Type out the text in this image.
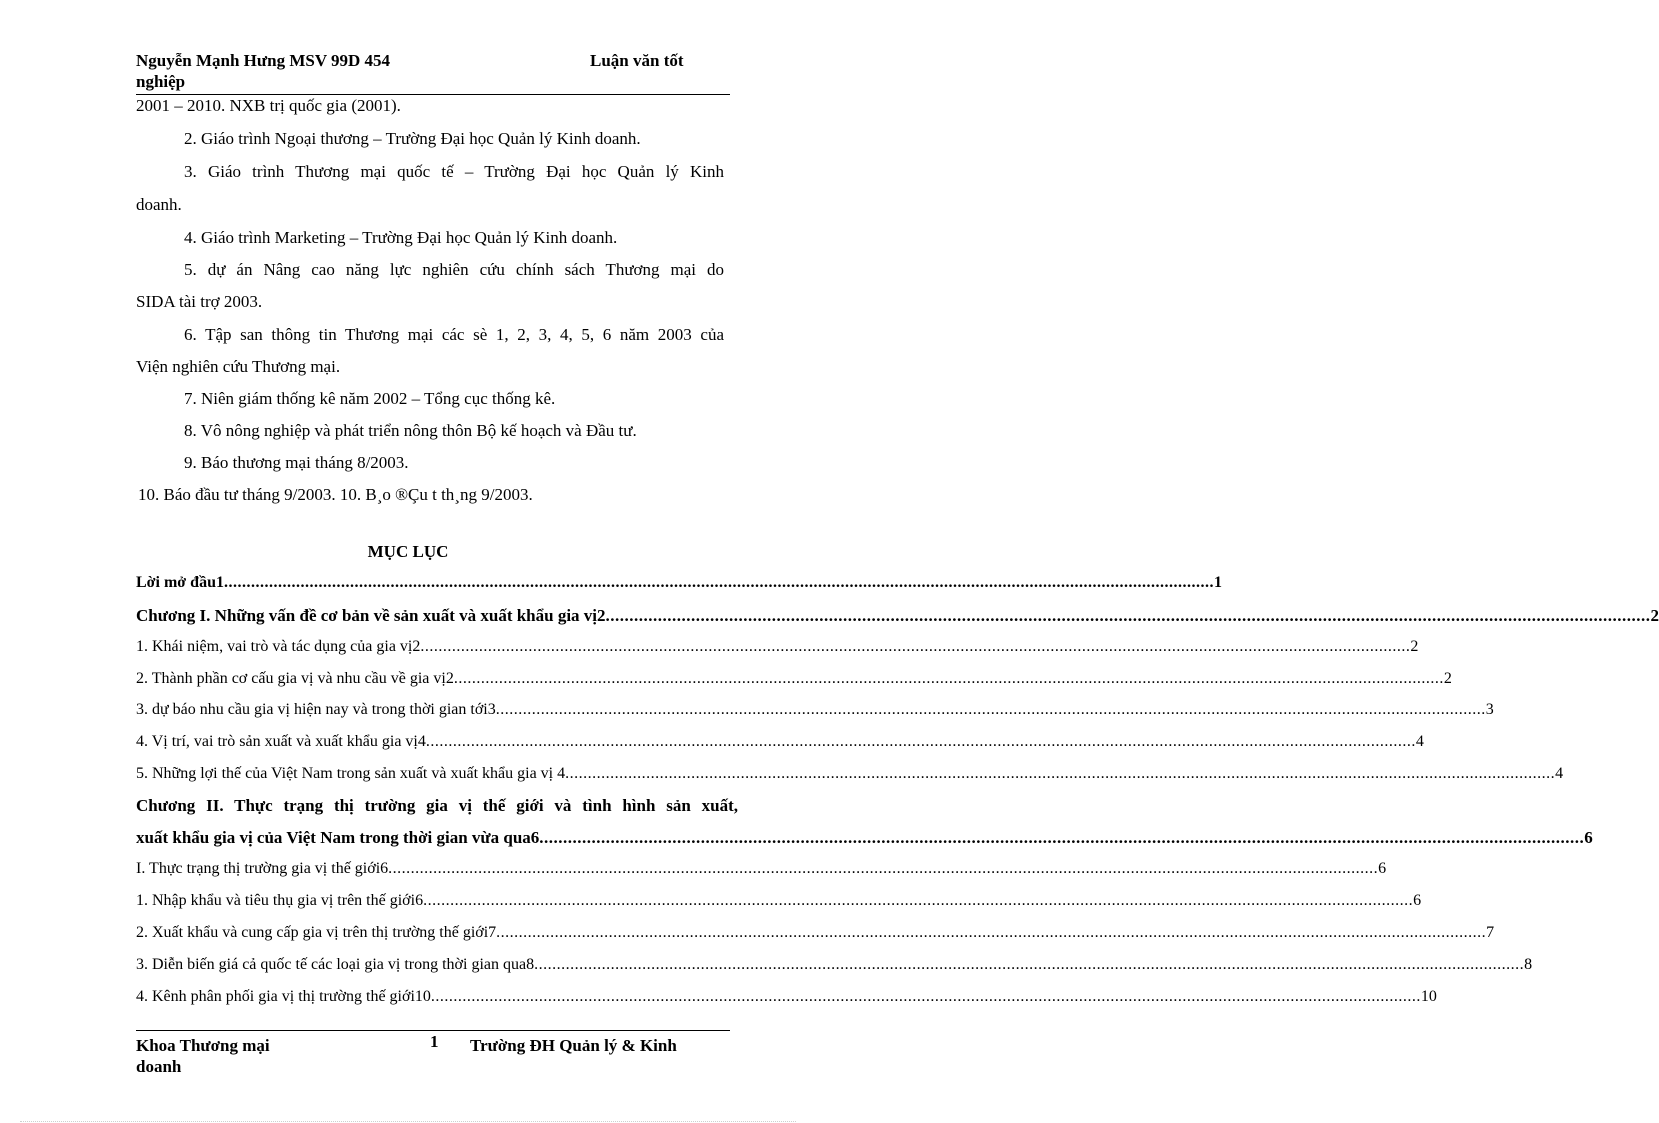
Nguyễn Mạnh Hưng MSV 99D 454	Luận văn tốt
nghiệp
2001 – 2010. NXB trị quốc gia (2001).
2. Giáo trình Ngoại thương – Trường Đại học Quản lý Kinh doanh.
3. Giáo trình Thương mại quốc tế – Trường Đại học Quản lý Kinh
doanh.
4. Giáo trình Marketing – Trường Đại học Quản lý Kinh doanh.
5. dự án Nâng cao năng lực nghiên cứu chính sách Thương mại do
SIDA tài trợ 2003.
6. Tập san thông tin Thương mại các sè 1, 2, 3, 4, 5, 6 năm 2003 của
Viện nghiên cứu Thương mại.
7. Niên giám thống kê năm 2002 – Tổng cục thống kê.
8. Vô nông nghiệp và phát triển nông thôn Bộ kế hoạch và Đầu tư.
9. Báo thương mại tháng 8/2003.
10. Báo đầu tư tháng 9/2003. 10. B¸o ®Çu t th¸ng 9/2003.
MỤC LỤC
Lời mở đầu1 ............................................................................................................................................................................................................................ 1
Chương I. Những vấn đề cơ bản về sản xuất và xuất khẩu gia vị2 ............................................................................................................................................................................................................................ 2
1. Khái niệm, vai trò và tác dụng của gia vị2 ............................................................................................................................................................................................................................ 2
2. Thành phần cơ cấu gia vị và nhu cầu về gia vị2 ............................................................................................................................................................................................................................ 2
3. dự báo nhu cầu gia vị hiện nay và trong thời gian tới3 ............................................................................................................................................................................................................................ 3
4. Vị trí, vai trò sản xuất và xuất khẩu gia vị4 ............................................................................................................................................................................................................................ 4
5. Những lợi thế của Việt Nam trong sản xuất và xuất khẩu gia vị 4 ............................................................................................................................................................................................................................ 4
Chương II. Thực trạng thị trường gia vị thế giới và tình hình sản xuất,
xuất khẩu gia vị của Việt Nam trong thời gian vừa qua6 ............................................................................................................................................................................................................................ 6
I. Thực trạng thị trường gia vị thế giới6 ............................................................................................................................................................................................................................ 6
1. Nhập khẩu và tiêu thụ gia vị trên thế giới6 ............................................................................................................................................................................................................................ 6
2. Xuất khẩu và cung cấp gia vị trên thị trường thế giới7 ............................................................................................................................................................................................................................ 7
3. Diễn biến giá cả quốc tế các loại gia vị trong thời gian qua8 ............................................................................................................................................................................................................................ 8
4. Kênh phân phối gia vị thị trường thế giới10 ............................................................................................................................................................................................................................ 10
Khoa Thương mại	1 Trường ĐH Quản lý & Kinh
doanh
